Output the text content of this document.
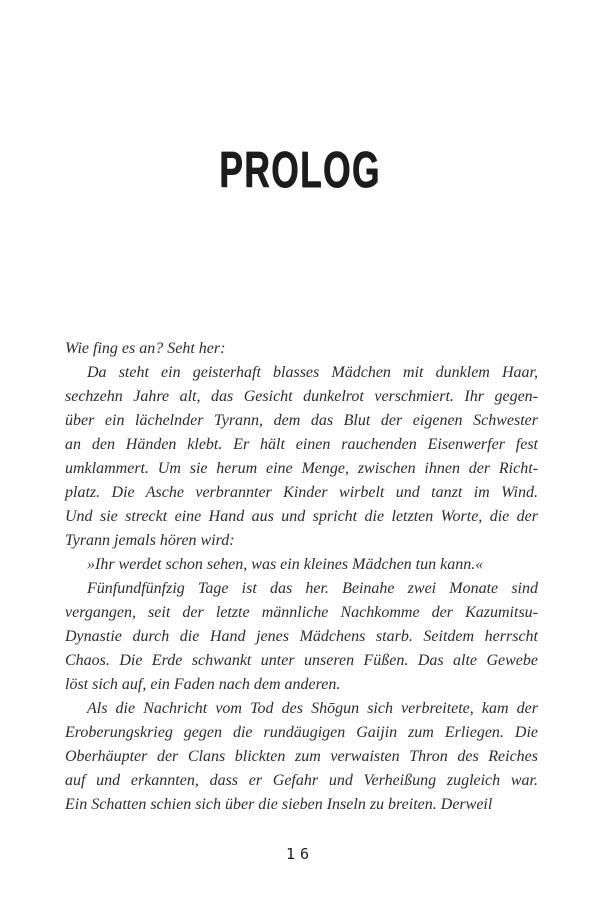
PROLOG
Wie fing es an? Seht her:
Da steht ein geisterhaft blasses Mädchen mit dunklem Haar,
sechzehn Jahre alt, das Gesicht dunkelrot verschmiert. Ihr gegen-
über ein lächelnder Tyrann, dem das Blut der eigenen Schwester
an den Händen klebt. Er hält einen rauchenden Eisenwerfer fest
umklammert. Um sie herum eine Menge, zwischen ihnen der Richt-
platz. Die Asche verbrannter Kinder wirbelt und tanzt im Wind.
Und sie streckt eine Hand aus und spricht die letzten Worte, die der
Tyrann jemals hören wird:
»Ihr werdet schon sehen, was ein kleines Mädchen tun kann.«
Fünfundfünfzig Tage ist das her. Beinahe zwei Monate sind
vergangen, seit der letzte männliche Nachkomme der Kazumitsu-
Dynastie durch die Hand jenes Mädchens starb. Seitdem herrscht
Chaos. Die Erde schwankt unter unseren Füßen. Das alte Gewebe
löst sich auf, ein Faden nach dem anderen.
Als die Nachricht vom Tod des Shōgun sich verbreitete, kam der
Eroberungskrieg gegen die rundäugigen Gaijin zum Erliegen. Die
Oberhäupter der Clans blickten zum verwaisten Thron des Reiches
auf und erkannten, dass er Gefahr und Verheißung zugleich war.
Ein Schatten schien sich über die sieben Inseln zu breiten. Derweil
16
